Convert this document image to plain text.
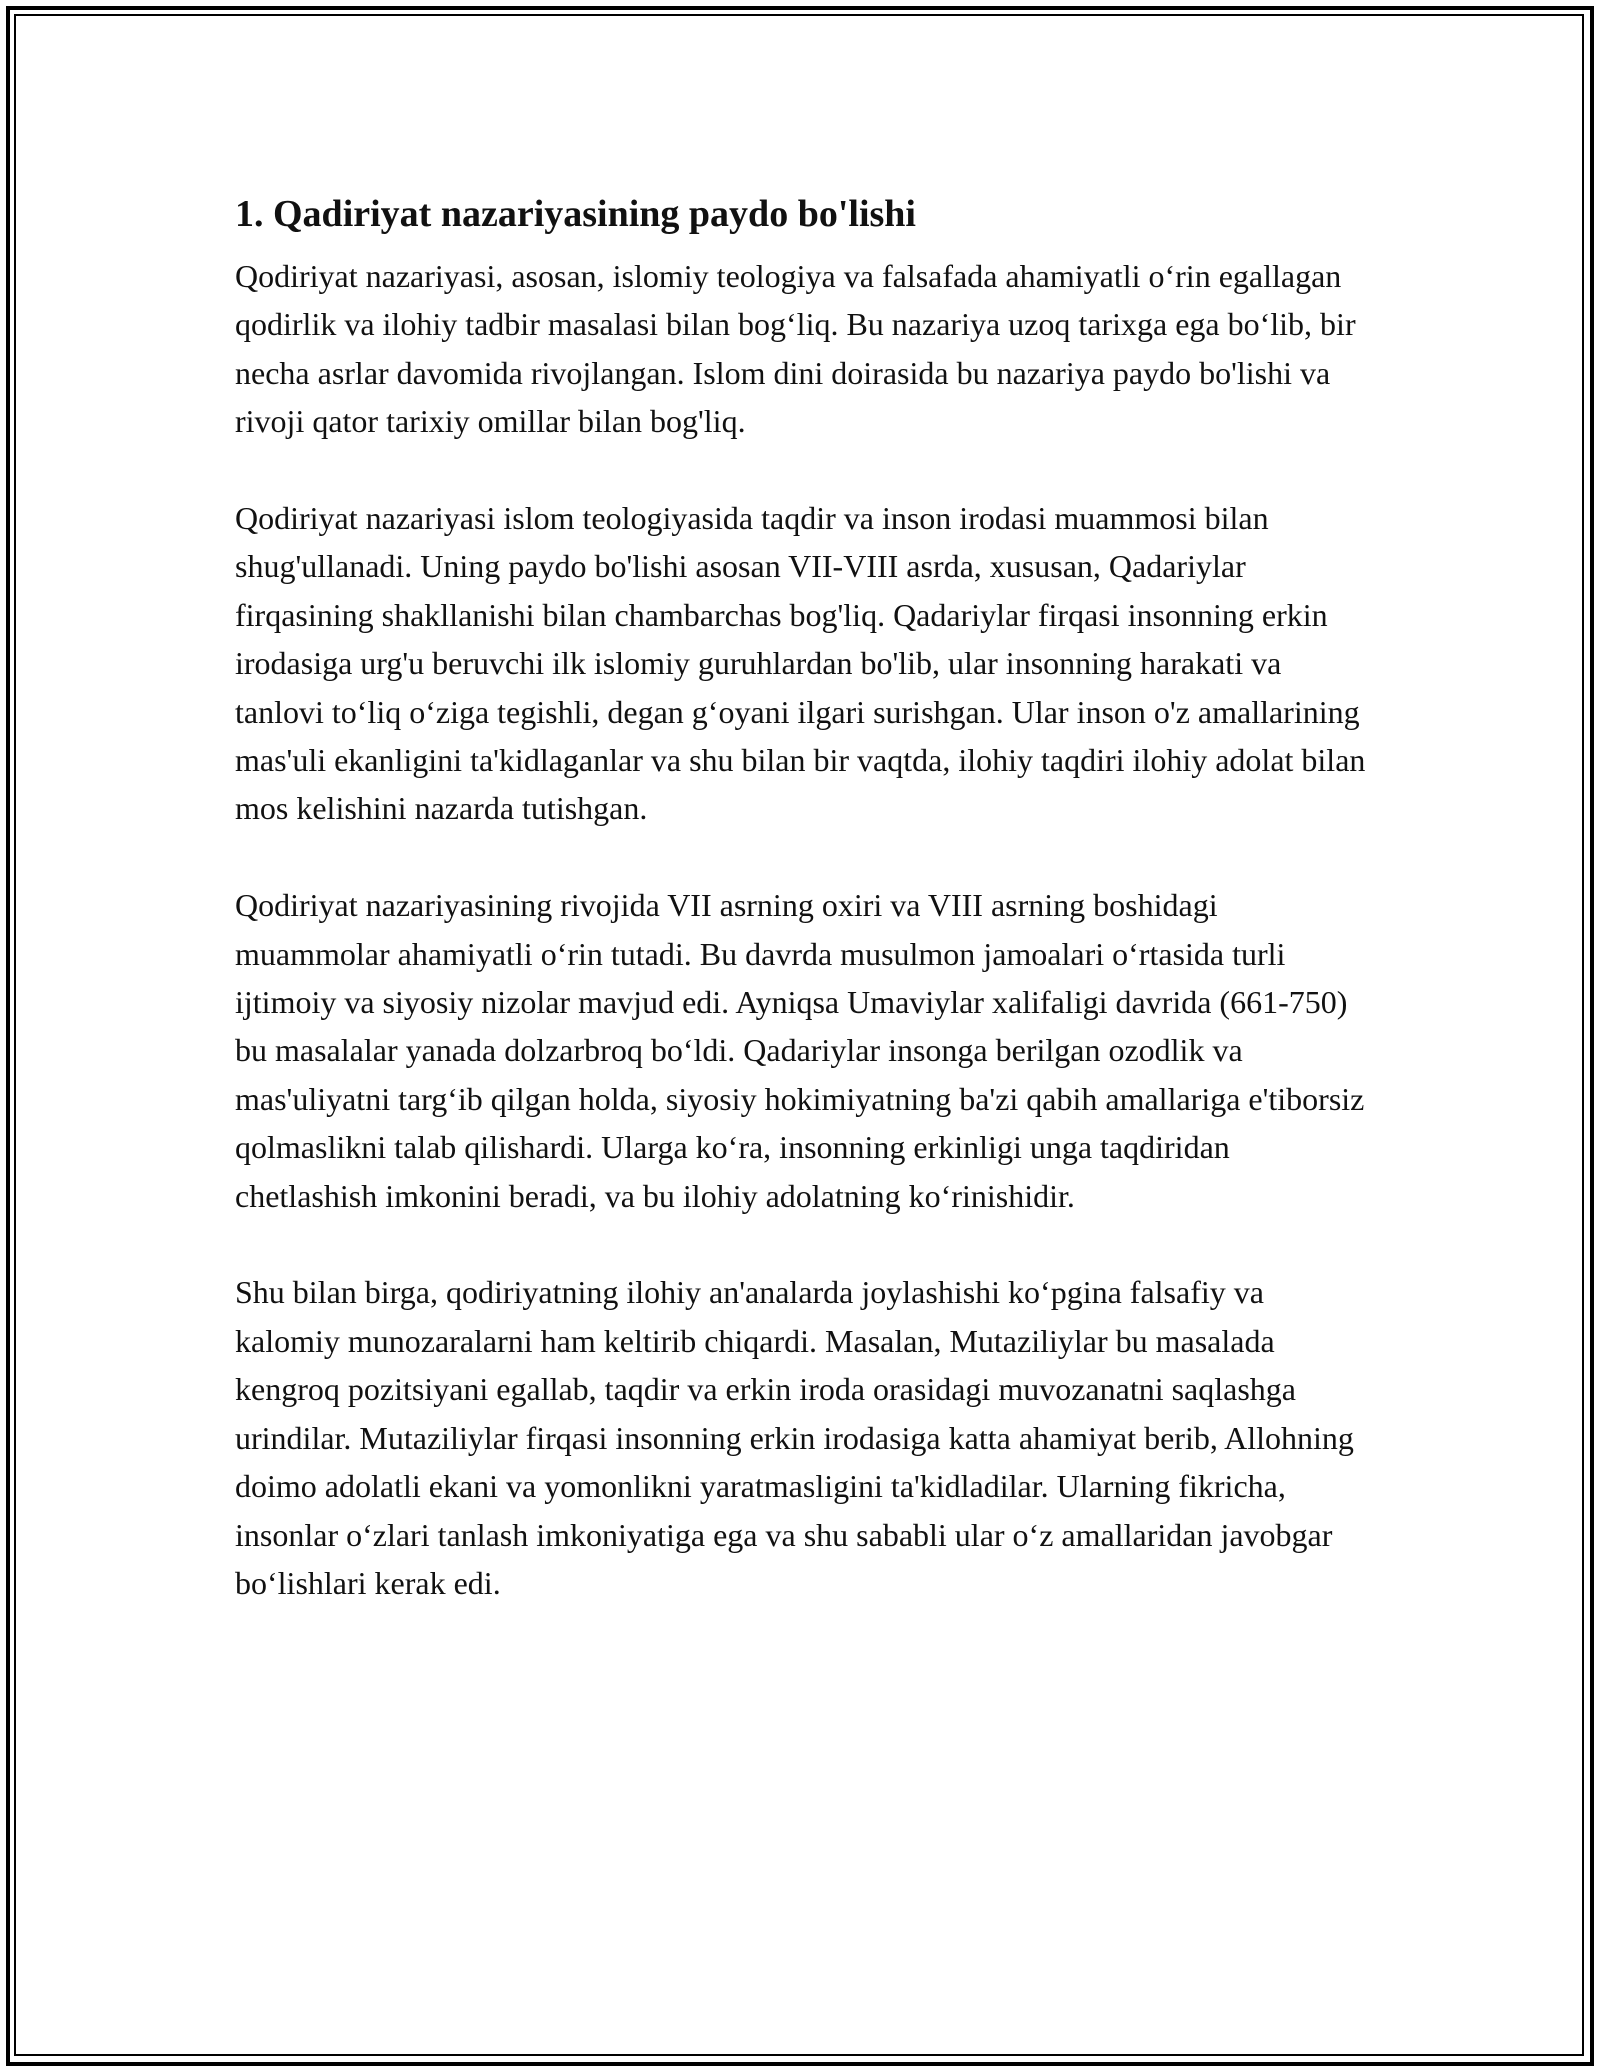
1. Qadiriyat nazariyasining paydo bo'lishi

Qodiriyat nazariyasi, asosan, islomiy teologiya va falsafada ahamiyatli o‘rin egallagan qodirlik va ilohiy tadbir masalasi bilan bog‘liq. Bu nazariya uzoq tarixga ega bo‘lib, bir necha asrlar davomida rivojlangan. Islom dini doirasida bu nazariya paydo bo'lishi va rivoji qator tarixiy omillar bilan bog'liq.

Qodiriyat nazariyasi islom teologiyasida taqdir va inson irodasi muammosi bilan shug'ullanadi. Uning paydo bo'lishi asosan VII-VIII asrda, xususan, Qadariylar firqasining shakllanishi bilan chambarchas bog'liq. Qadariylar firqasi insonning erkin irodasiga urg'u beruvchi ilk islomiy guruhlardan bo'lib, ular insonning harakati va tanlovi to‘liq o‘ziga tegishli, degan g‘oyani ilgari surishgan. Ular inson o'z amallarining mas'uli ekanligini ta'kidlaganlar va shu bilan bir vaqtda, ilohiy taqdiri ilohiy adolat bilan mos kelishini nazarda tutishgan.

Qodiriyat nazariyasining rivojida VII asrning oxiri va VIII asrning boshidagi muammolar ahamiyatli o‘rin tutadi. Bu davrda musulmon jamoalari o‘rtasida turli ijtimoiy va siyosiy nizolar mavjud edi. Ayniqsa Umaviylar xalifaligi davrida (661-750) bu masalalar yanada dolzarbroq bo‘ldi. Qadariylar insonga berilgan ozodlik va mas'uliyatni targ‘ib qilgan holda, siyosiy hokimiyatning ba'zi qabih amallariga e'tiborsiz qolmaslikni talab qilishardi. Ularga ko‘ra, insonning erkinligi unga taqdiridan chetlashish imkonini beradi, va bu ilohiy adolatning ko‘rinishidir.

Shu bilan birga, qodiriyatning ilohiy an'analarda joylashishi ko‘pgina falsafiy va kalomiy munozaralarni ham keltirib chiqardi. Masalan, Mutaziliylar bu masalada kengroq pozitsiyani egallab, taqdir va erkin iroda orasidagi muvozanatni saqlashga urindilar. Mutaziliylar firqasi insonning erkin irodasiga katta ahamiyat berib, Allohning doimo adolatli ekani va yomonlikni yaratmasligini ta'kidladilar. Ularning fikricha, insonlar o‘zlari tanlash imkoniyatiga ega va shu sababli ular o‘z amallaridan javobgar bo‘lishlari kerak edi.
